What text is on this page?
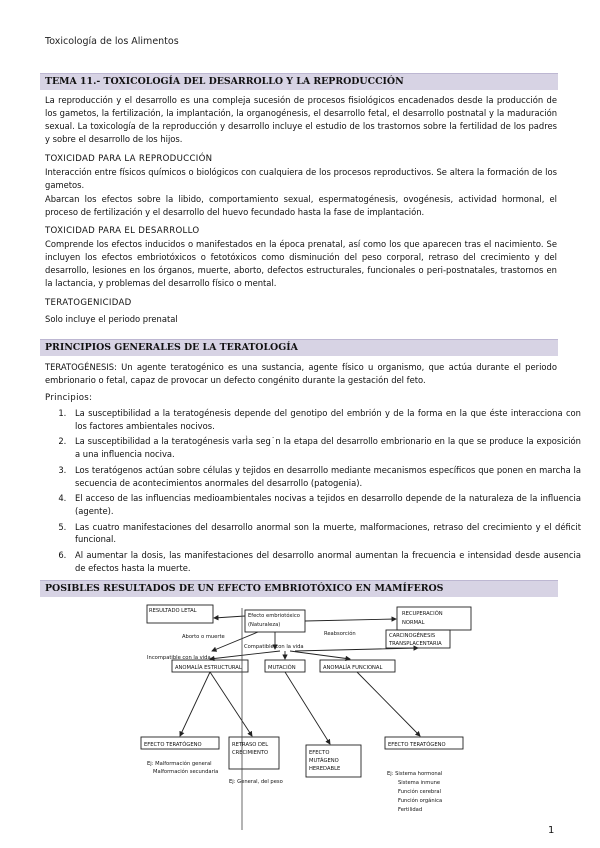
Toxicología de los Alimentos
TEMA 11.- TOXICOLOGÍA DEL DESARROLLO Y LA REPRODUCCIÓN
La reproducción y el desarrollo es una compleja sucesión de procesos fisiológicos encadenados desde la producción de los gametos, la fertilización, la implantación, la organogénesis, el desarrollo fetal, el desarrollo postnatal y la maduración sexual. La toxicología de la reproducción y desarrollo incluye el estudio de los trastornos sobre la fertilidad de los padres y sobre el desarrollo de los hijos.
TOXICIDAD PARA LA REPRODUCCIÓN
Interacción entre físicos químicos o biológicos con cualquiera de los procesos reproductivos. Se altera la formación de los gametos.
Abarcan los efectos sobre la libido, comportamiento sexual, espermatogénesis, ovogénesis, actividad hormonal, el proceso de fertilización y el desarrollo del huevo fecundado hasta la fase de implantación.
TOXICIDAD PARA EL DESARROLLO
Comprende los efectos inducidos o manifestados en la época prenatal, así como los que aparecen tras el nacimiento. Se incluyen los efectos embriotóxicos o fetotóxicos como disminución del peso corporal, retraso del crecimiento y del desarrollo, lesiones en los órganos, muerte, aborto, defectos estructurales, funcionales o peri-postnatales, trastornos en la lactancia, y problemas del desarrollo físico o mental.
TERATOGENICIDAD
Solo incluye el periodo prenatal
PRINCIPIOS GENERALES DE LA TERATOLOGÍA
TERATOGÉNESIS: Un agente teratogénico es una sustancia, agente físico u organismo, que actúa durante el periodo embrionario o fetal, capaz de provocar un defecto congénito durante la gestación del feto.
Principios:
1. La susceptibilidad a la teratogénesis depende del genotipo del embrión y de la forma en la que éste interacciona con los factores ambientales nocivos.
2. La susceptibilidad a la teratogénesis varÌa seg˙n la etapa del desarrollo embrionario en la que se produce la exposición a una influencia nociva.
3. Los teratógenos actúan sobre células y tejidos en desarrollo mediante mecanismos específicos que ponen en marcha la secuencia de acontecimientos anormales del desarrollo (patogenia).
4. El acceso de las influencias medioambientales nocivas a tejidos en desarrollo depende de la naturaleza de la influencia (agente).
5. Las cuatro manifestaciones del desarrollo anormal son la muerte, malformaciones, retraso del crecimiento y el déficit funcional.
6. Al aumentar la dosis, las manifestaciones del desarrollo anormal aumentan la frecuencia e intensidad desde ausencia de efectos hasta la muerte.
POSIBLES RESULTADOS DE UN EFECTO EMBRIOTÓXICO EN MAMÍFEROS
RESULTADO LETAL
Efecto embriotóxico
(Naturaleza)
RECUPERACIÓN
NORMAL
Aborto o muerte	Reabsorción
Incompatible con la vida
Compatible con la vida
CARCINOGÉNESIS
TRANSPLACENTARIA
ANOMALÍA ESTRUCTURAL	MUTACIÓN	ANOMALÍA FUNCIONAL
EFECTO TERATÓGENO	RETRASO DEL
CRECIMIENTO	EFECTO
MUTÁGENO
HEREDABLE
EFECTO TERATÓGENO
Ej: Malformación general
Malformación secundaria
Ej: General, del peso
Ej: Sistema hormonal
Sistema inmune
Función cerebral
Función orgánica
Fertilidad
1
